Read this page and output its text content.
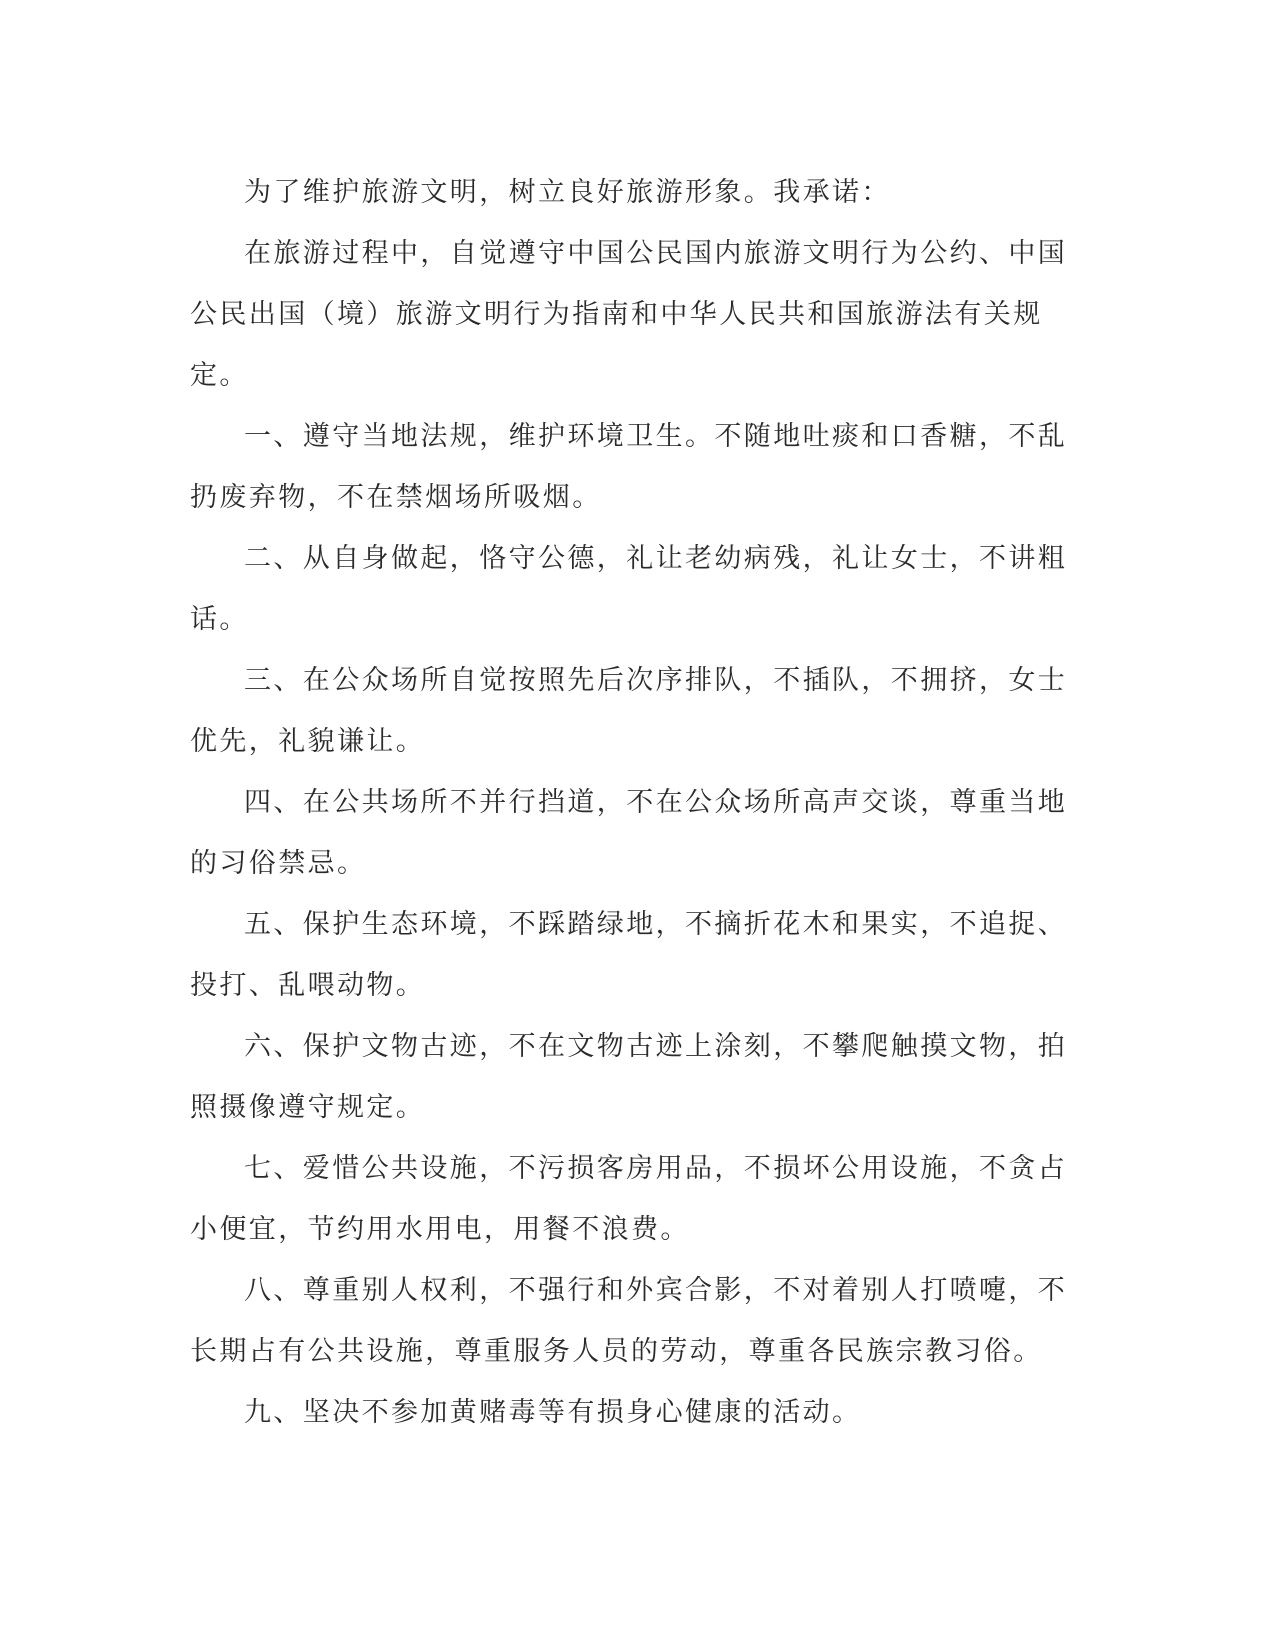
为了维护旅游文明，树立良好旅游形象。我承诺：

在旅游过程中，自觉遵守中国公民国内旅游文明行为公约、中国公民出国（境）旅游文明行为指南和中华人民共和国旅游法有关规定。

一、遵守当地法规，维护环境卫生。不随地吐痰和口香糖，不乱扔废弃物，不在禁烟场所吸烟。

二、从自身做起，恪守公德，礼让老幼病残，礼让女士，不讲粗话。

三、在公众场所自觉按照先后次序排队，不插队，不拥挤，女士优先，礼貌谦让。

四、在公共场所不并行挡道，不在公众场所高声交谈，尊重当地的习俗禁忌。

五、保护生态环境，不踩踏绿地，不摘折花木和果实，不追捉、投打、乱喂动物。

六、保护文物古迹，不在文物古迹上涂刻，不攀爬触摸文物，拍照摄像遵守规定。

七、爱惜公共设施，不污损客房用品，不损坏公用设施，不贪占小便宜，节约用水用电，用餐不浪费。

八、尊重别人权利，不强行和外宾合影，不对着别人打喷嚏，不长期占有公共设施，尊重服务人员的劳动，尊重各民族宗教习俗。

九、坚决不参加黄赌毒等有损身心健康的活动。
